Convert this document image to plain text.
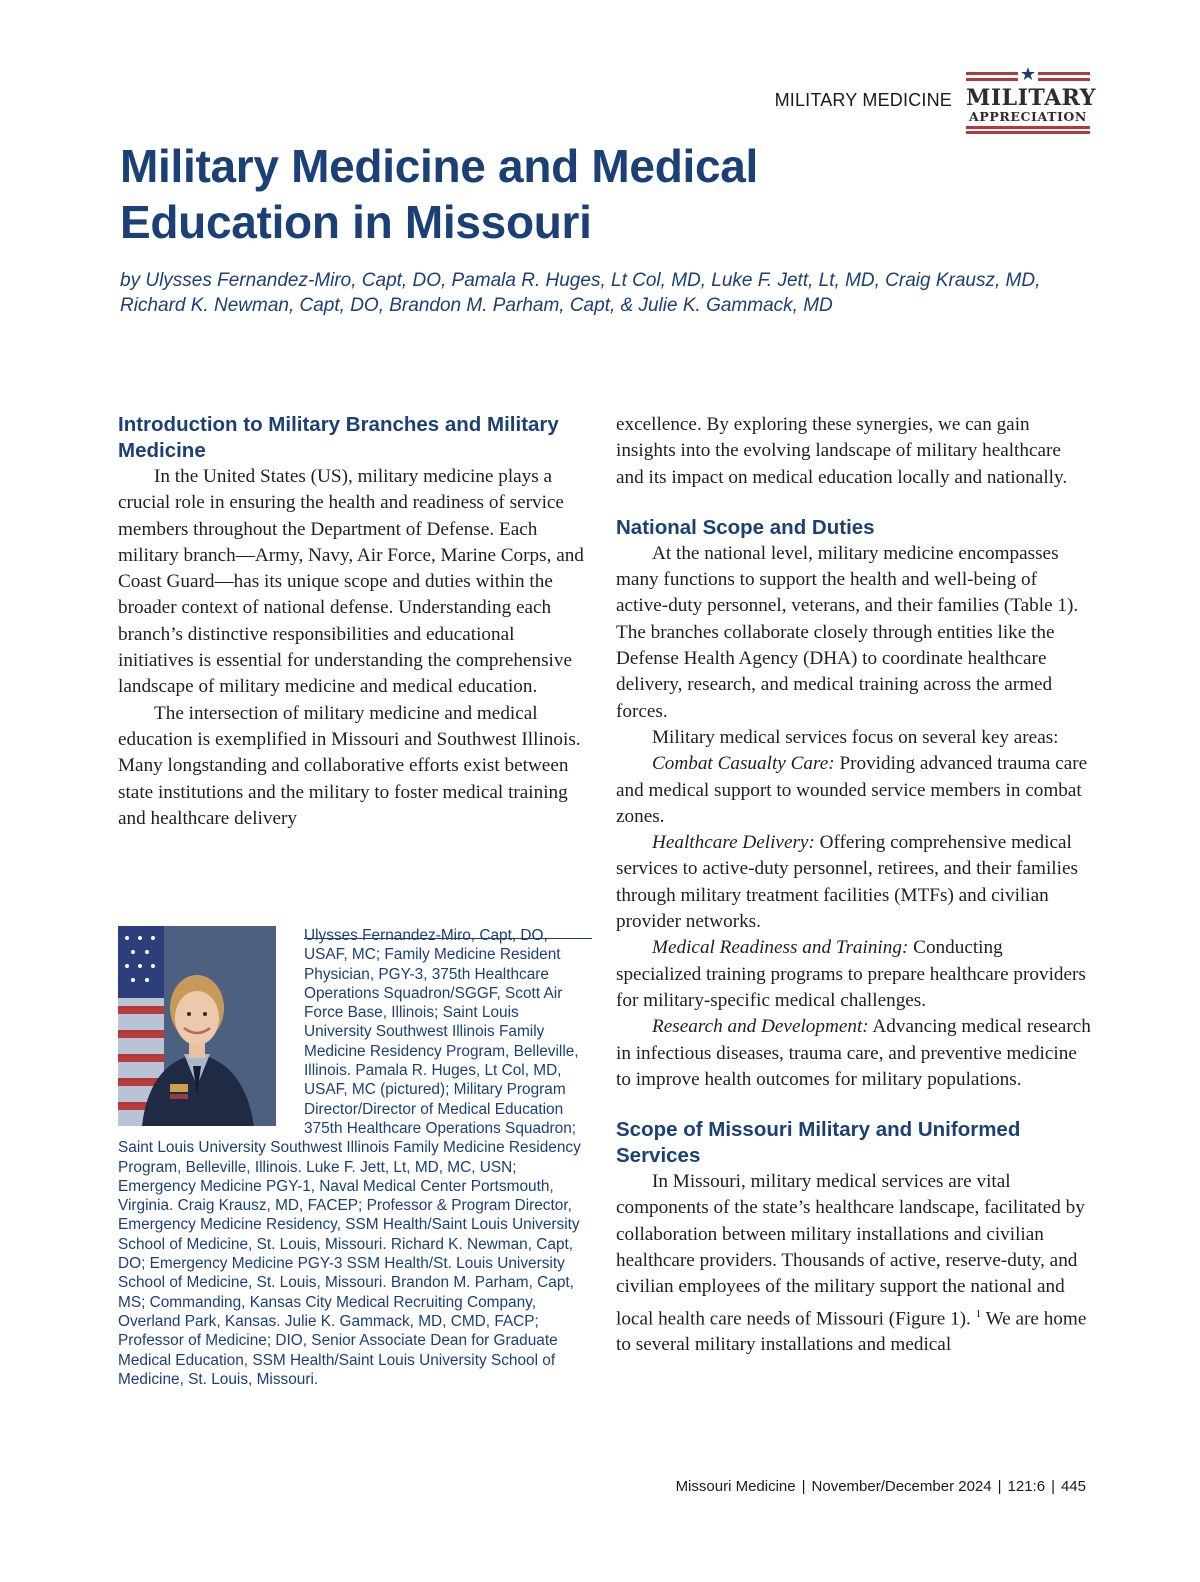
MILITARY MEDICINE
★
MILITARY
APPRECIATION
Military Medicine and Medical Education in Missouri

by Ulysses Fernandez-Miro, Capt, DO, Pamala R. Huges, Lt Col, MD, Luke F. Jett, Lt, MD, Craig Krausz, MD, Richard K. Newman, Capt, DO, Brandon M. Parham, Capt, & Julie K. Gammack, MD

Introduction to Military Branches and Military Medicine

In the United States (US), military medicine plays a crucial role in ensuring the health and readiness of service members throughout the Department of Defense. Each military branch—Army, Navy, Air Force, Marine Corps, and Coast Guard—has its unique scope and duties within the broader context of national defense. Understanding each branch’s distinctive responsibilities and educational initiatives is essential for understanding the comprehensive landscape of military medicine and medical education.

The intersection of military medicine and medical education is exemplified in Missouri and Southwest Illinois. Many longstanding and collaborative efforts exist between state institutions and the military to foster medical training and healthcare delivery

Ulysses Fernandez-Miro, Capt, DO, USAF, MC; Family Medicine Resident Physician, PGY-3, 375th Healthcare Operations Squadron/SGGF, Scott Air Force Base, Illinois; Saint Louis University Southwest Illinois Family Medicine Residency Program, Belleville, Illinois. Pamala R. Huges, Lt Col, MD, USAF, MC (pictured); Military Program Director/Director of Medical Education 375th Healthcare Operations Squadron; Saint Louis University Southwest Illinois Family Medicine Residency Program, Belleville, Illinois. Luke F. Jett, Lt, MD, MC, USN; Emergency Medicine PGY-1, Naval Medical Center Portsmouth, Virginia. Craig Krausz, MD, FACEP; Professor & Program Director, Emergency Medicine Residency, SSM Health/Saint Louis University School of Medicine, St. Louis, Missouri. Richard K. Newman, Capt, DO; Emergency Medicine PGY-3 SSM Health/St. Louis University School of Medicine, St. Louis, Missouri. Brandon M. Parham, Capt, MS; Commanding, Kansas City Medical Recruiting Company, Overland Park, Kansas. Julie K. Gammack, MD, CMD, FACP; Professor of Medicine; DIO, Senior Associate Dean for Graduate Medical Education, SSM Health/Saint Louis University School of Medicine, St. Louis, Missouri.

excellence. By exploring these synergies, we can gain insights into the evolving landscape of military healthcare and its impact on medical education locally and nationally.

National Scope and Duties

At the national level, military medicine encompasses many functions to support the health and well-being of active-duty personnel, veterans, and their families (Table 1). The branches collaborate closely through entities like the Defense Health Agency (DHA) to coordinate healthcare delivery, research, and medical training across the armed forces.

Military medical services focus on several key areas:

Combat Casualty Care: Providing advanced trauma care and medical support to wounded service members in combat zones.

Healthcare Delivery: Offering comprehensive medical services to active-duty personnel, retirees, and their families through military treatment facilities (MTFs) and civilian provider networks.

Medical Readiness and Training: Conducting specialized training programs to prepare healthcare providers for military-specific medical challenges.

Research and Development: Advancing medical research in infectious diseases, trauma care, and preventive medicine to improve health outcomes for military populations.

Scope of Missouri Military and Uniformed Services

In Missouri, military medical services are vital components of the state’s healthcare landscape, facilitated by collaboration between military installations and civilian healthcare providers. Thousands of active, reserve-duty, and civilian employees of the military support the national and local health care needs of Missouri (Figure 1). $^1$ We are home to several military installations and medical

Missouri Medicine | November/December 2024 | 121:6 | 445
